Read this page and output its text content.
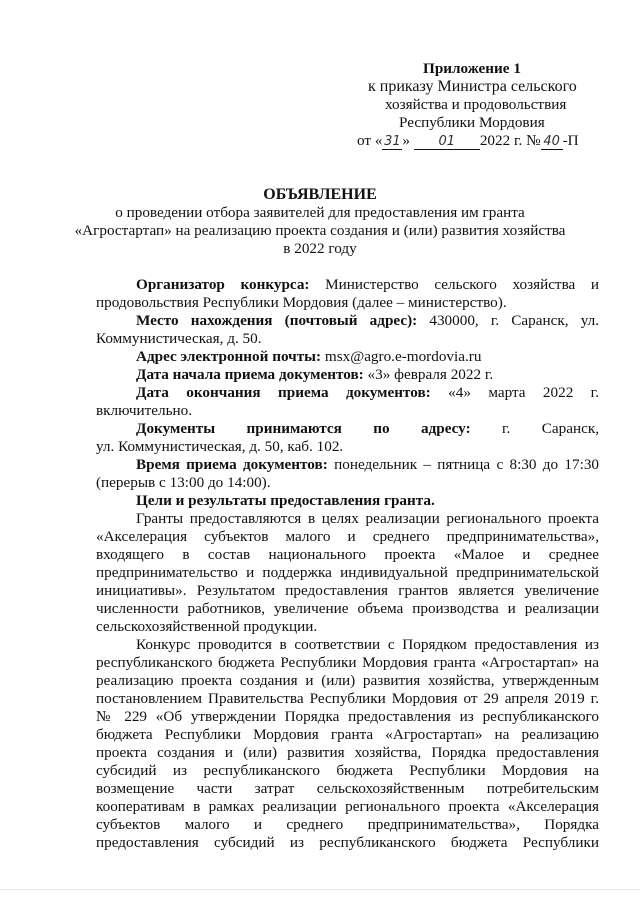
Приложение 1
к приказу Министра сельского
хозяйства и продовольствия
Республики Мордовия
от « 31 » 01 2022 г. № 40 -П
ОБЪЯВЛЕНИЕ
о проведении отбора заявителей для предоставления им гранта
«Агростартап» на реализацию проекта создания и (или) развития хозяйства
в 2022 году
Организатор конкурса: Министерство сельского хозяйства и
продовольствия Республики Мордовия (далее – министерство).
Место нахождения (почтовый адрес): 430000, г. Саранск, ул.
Коммунистическая, д. 50.
Адрес электронной почты: msx@agro.e-mordovia.ru
Дата начала приема документов: «3» февраля 2022 г.
Дата окончания приема документов: «4» марта 2022 г.
включительно.
Документы принимаются по адресу: г. Саранск,
ул. Коммунистическая, д. 50, каб. 102.
Время приема документов: понедельник – пятница с 8:30 до 17:30
(перерыв с 13:00 до 14:00).
Цели и результаты предоставления гранта.
Гранты предоставляются в целях реализации регионального проекта
«Акселерация субъектов малого и среднего предпринимательства»,
входящего в состав национального проекта «Малое и среднее
предпринимательство и поддержка индивидуальной предпринимательской
инициативы». Результатом предоставления грантов является увеличение
численности работников, увеличение объема производства и реализации
сельскохозяйственной продукции.
Конкурс проводится в соответствии с Порядком предоставления из
республиканского бюджета Республики Мордовия гранта «Агростартап» на
реализацию проекта создания и (или) развития хозяйства, утвержденным
постановлением Правительства Республики Мордовия от 29 апреля 2019 г.
№ 229 «Об утверждении Порядка предоставления из республиканского
бюджета Республики Мордовия гранта «Агростартап» на реализацию
проекта создания и (или) развития хозяйства, Порядка предоставления
субсидий из республиканского бюджета Республики Мордовия на
возмещение части затрат сельскохозяйственным потребительским
кооперативам в рамках реализации регионального проекта «Акселерация
субъектов малого и среднего предпринимательства», Порядка
предоставления субсидий из республиканского бюджета Республики
